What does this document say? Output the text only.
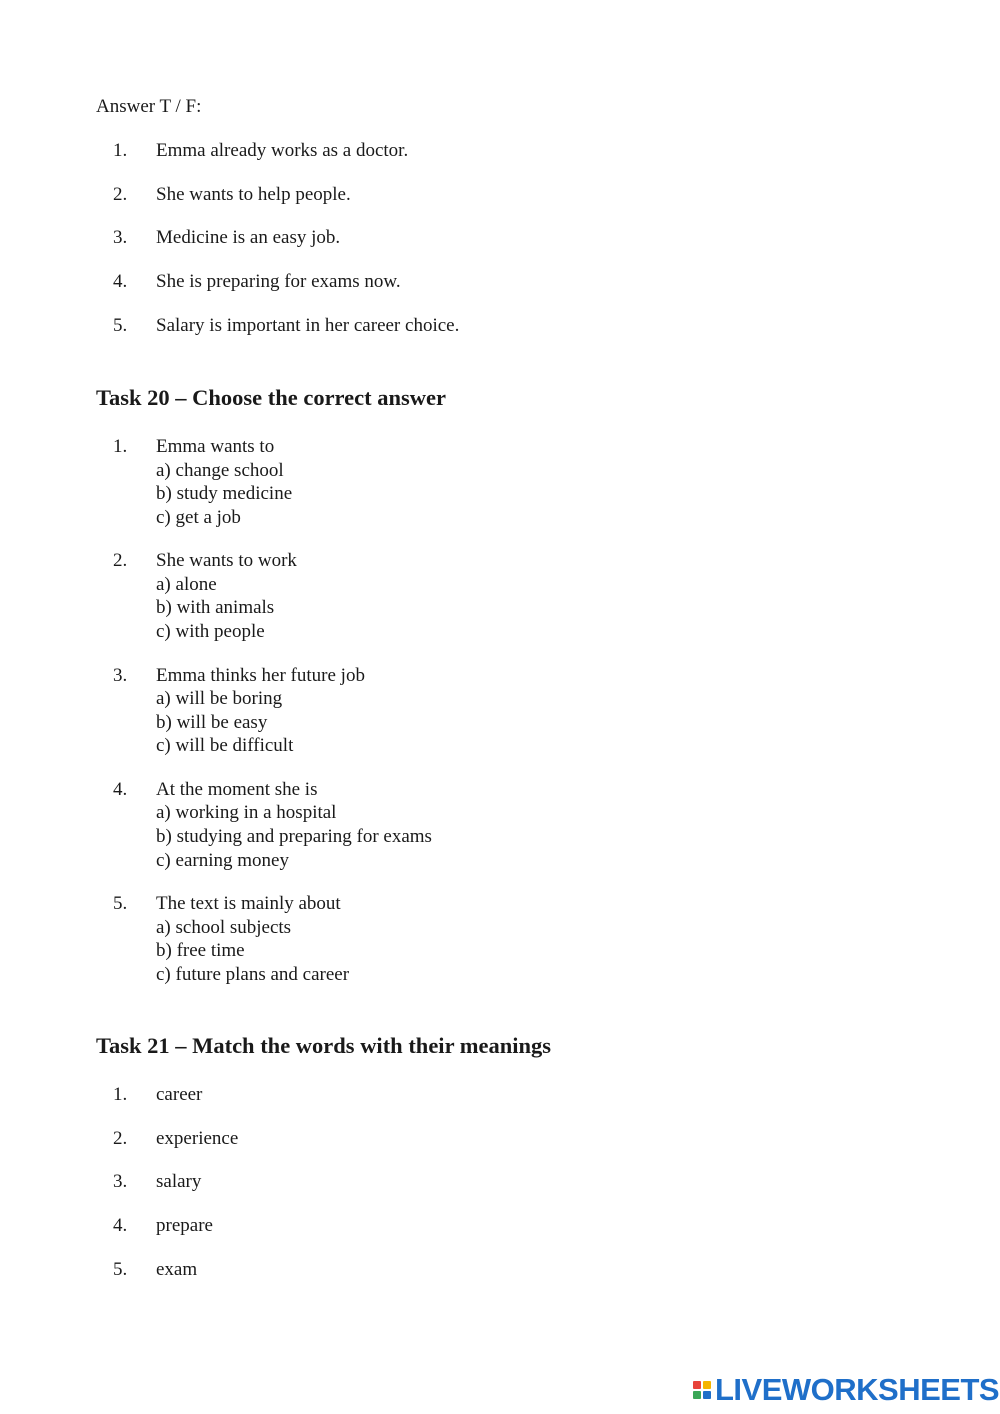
Answer T / F:
1. Emma already works as a doctor.
2. She wants to help people.
3. Medicine is an easy job.
4. She is preparing for exams now.
5. Salary is important in her career choice.
Task 20 – Choose the correct answer
1. Emma wants to
a) change school
b) study medicine
c) get a job
2. She wants to work
a) alone
b) with animals
c) with people
3. Emma thinks her future job
a) will be boring
b) will be easy
c) will be difficult
4. At the moment she is
a) working in a hospital
b) studying and preparing for exams
c) earning money
5. The text is mainly about
a) school subjects
b) free time
c) future plans and career
Task 21 – Match the words with their meanings
1. career
2. experience
3. salary
4. prepare
5. exam
LIVEWORKSHEETS
